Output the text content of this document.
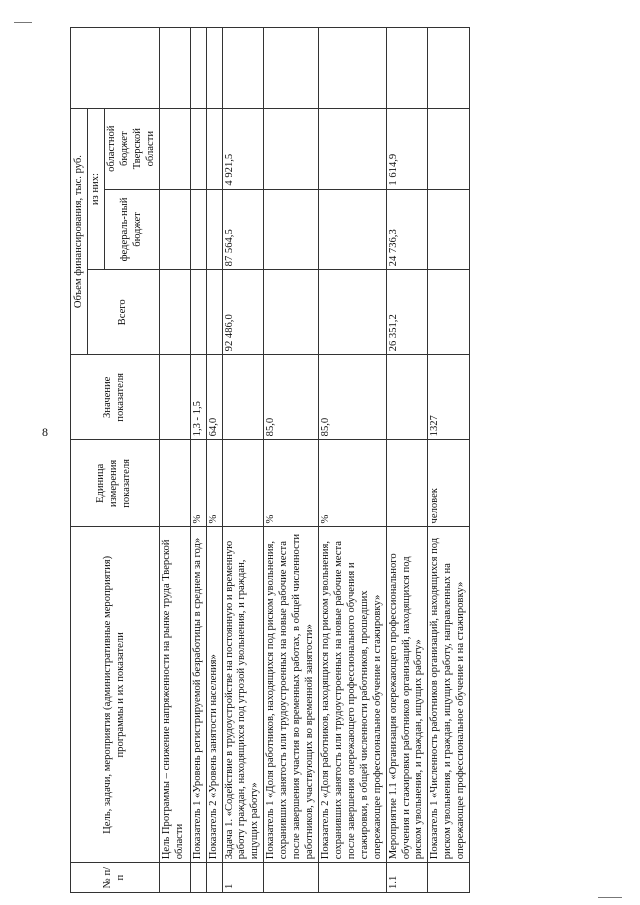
8
№ п/п	Цель, задачи, мероприятия (административные мероприятия) программы и их показатели	Единица измерения показателя	Значение показателя	Объем финансирования, тыс. руб.			
				Всего	из них:		
					федераль-ный бюджет	областной бюджет Тверской области	
	Цель Программы – снижение напряженности на рынке труда Тверской области						
	Показатель 1 «Уровень регистрируемой безработицы в среднем за год»	%	1,3 - 1,5				
	Показатель 2 «Уровень занятости населения»	%	64,0				
1	Задача 1. «Содействие в трудоустройстве на постоянную и временную работу граждан, находящихся под угрозой увольнения, и граждан, ищущих работу»			92 486,0	87 564,5	4 921,5	
	Показатель 1 «Доля работников, находящихся под риском увольнения, сохранивших занятость или трудоустроенных на новые рабочие места после завершения участия во временных работах, в общей численности работников, участвующих во временной занятости»	%	85,0				
	Показатель 2 «Доля работников, находящихся под риском увольнения, сохранивших занятость или трудоустроенных на новые рабочие места после завершения опережающего профессионального обучения и стажировки, в общей численности работников, прошедших опережающее профессиональное обучение и стажировку»	%	85,0				
1.1	Мероприятие 1.1 «Организация опережающего профессионального обучения и стажировки работников организаций, находящихся под риском увольнения, и граждан, ищущих работу»			26 351,2	24 736,3	1 614,9	
	Показатель 1 «Численность работников организаций, находящихся под риском увольнения, и граждан, ищущих работу, направленных на опережающее профессиональное обучение и на стажировку»	человек	1327				
